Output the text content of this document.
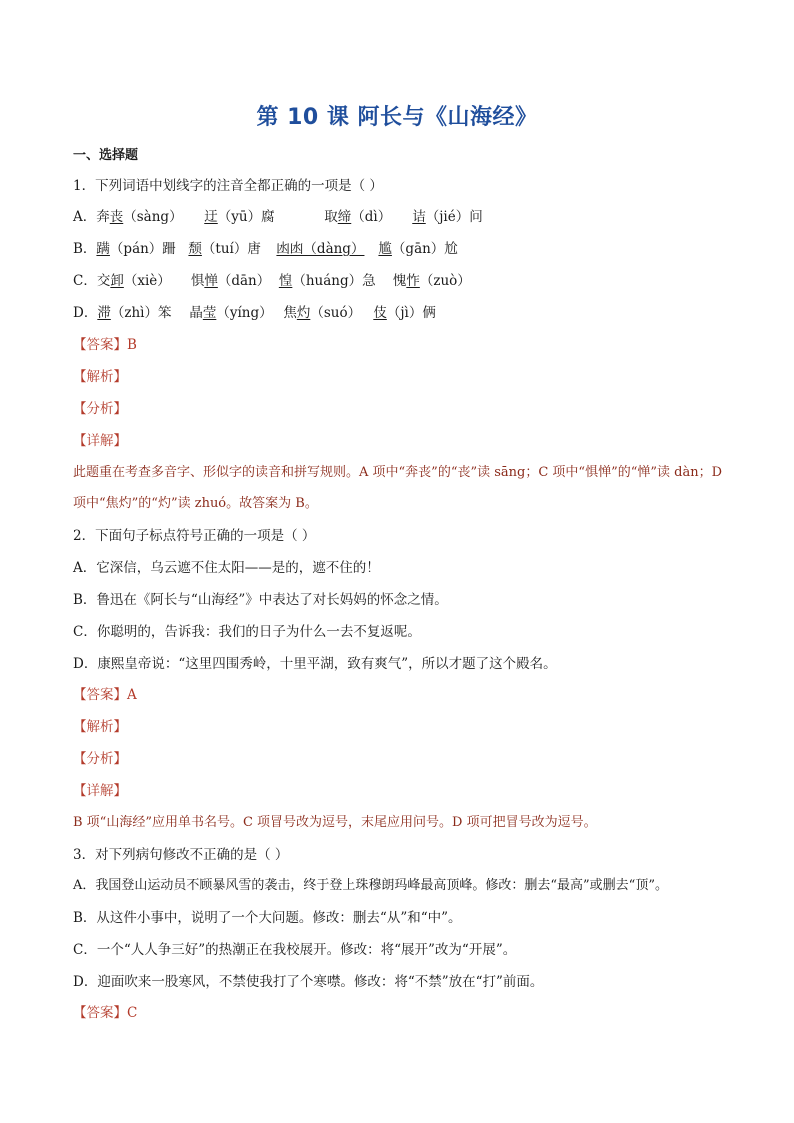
第 10 课 阿长与《山海经》
一、选择题
1．下列词语中划线字的注音全都正确的一项是（ ）
A．奔丧（sàng） 迂（yū）腐	取缔（dì） 诘（jié）问
B．蹒（pán）跚 颓（tuí）唐 凼凼（dàng） 尴（gān）尬
C．交卸（xiè） 惧惮（dān） 惶（huáng）急 愧怍（zuò）
D．滞（zhì）笨 晶莹（yíng） 焦灼（suó） 伎（jì）俩
【答案】B
【解析】
【分析】
【详解】
此题重在考查多音字、形似字的读音和拼写规则。A 项中“奔丧”的“丧”读 sāng；C 项中“惧惮”的“惮”读 dàn；D
项中“焦灼”的“灼”读 zhuó。故答案为 B。
2．下面句子标点符号正确的一项是（ ）
A．它深信，乌云遮不住太阳——是的，遮不住的！
B．鲁迅在《阿长与“山海经”》中表达了对长妈妈的怀念之情。
C．你聪明的，告诉我：我们的日子为什么一去不复返呢。
D．康熙皇帝说：“这里四围秀岭，十里平湖，致有爽气”，所以才题了这个殿名。
【答案】A
【解析】
【分析】
【详解】
B 项“山海经”应用单书名号。C 项冒号改为逗号，末尾应用问号。D 项可把冒号改为逗号。
3．对下列病句修改不正确的是（ ）
A．我国登山运动员不顾暴风雪的袭击，终于登上珠穆朗玛峰最高顶峰。修改：删去“最高”或删去“顶”。
B．从这件小事中，说明了一个大问题。修改：删去“从”和“中”。
C．一个“人人争三好”的热潮正在我校展开。修改：将“展开”改为“开展”。
D．迎面吹来一股寒风，不禁使我打了个寒噤。修改：将“不禁”放在“打”前面。
【答案】C
